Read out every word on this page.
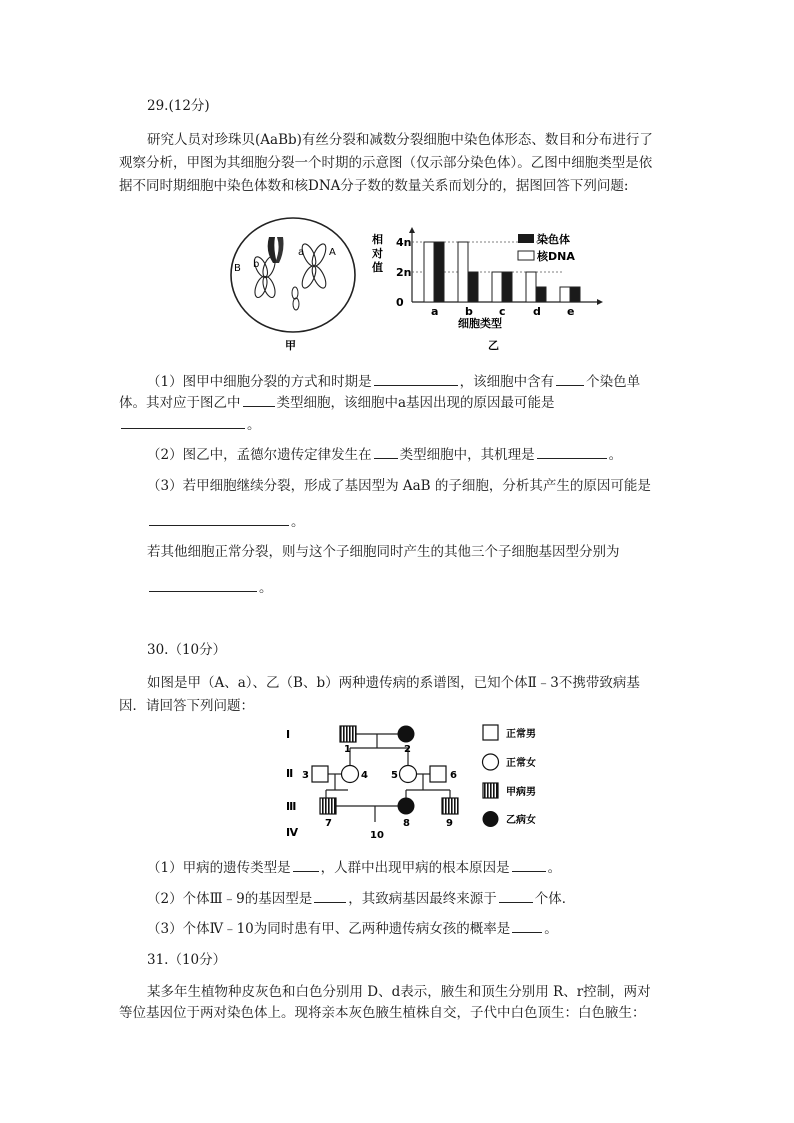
29.(12分)
研究人员对珍珠贝(AaBb)有丝分裂和减数分裂细胞中染色体形态、数目和分布进行了
观察分析，甲图为其细胞分裂一个时期的示意图（仅示部分染色体）。乙图中细胞类型是依
据不同时期细胞中染色体数和核DNA分子数的数量关系而划分的，据图回答下列问题:
B b
a A
甲
相
对
值
0
2n
4n
a b c d e
染色体
核DNA
细胞类型
乙
（1）图甲中细胞分裂的方式和时期是	，该细胞中含有 个染色单
体。其对应于图乙中	类型细胞，该细胞中a基因出现的原因最可能是
。
（2）图乙中，孟德尔遗传定律发生在 类型细胞中，其机理是	。
（3）若甲细胞继续分裂，形成了基因型为 AaB 的子细胞，分析其产生的原因可能是
。
若其他细胞正常分裂，则与这个子细胞同时产生的其他三个子细胞基因型分别为
。
30.（10分）
如图是甲（A、a）、乙（B、b）两种遗传病的系谱图，已知个体Ⅱ﹣3不携带致病基
因．请回答下列问题：
Ⅰ
Ⅱ
Ⅲ
Ⅳ
1	2
3	4 5	6
7	8	9
10
正常男
正常女
甲病男
乙病女
（1）甲病的遗传类型是 ，人群中出现甲病的根本原因是	。
（2）个体Ⅲ﹣9的基因型是	，其致病基因最终来源于	个体．
（3）个体Ⅳ﹣10为同时患有甲、乙两种遗传病女孩的概率是	。
31.（10分）
某多年生植物种皮灰色和白色分别用 D、d表示，腋生和顶生分别用 R、r控制，两对
等位基因位于两对染色体上。现将亲本灰色腋生植株自交，子代中白色顶生：白色腋生：
